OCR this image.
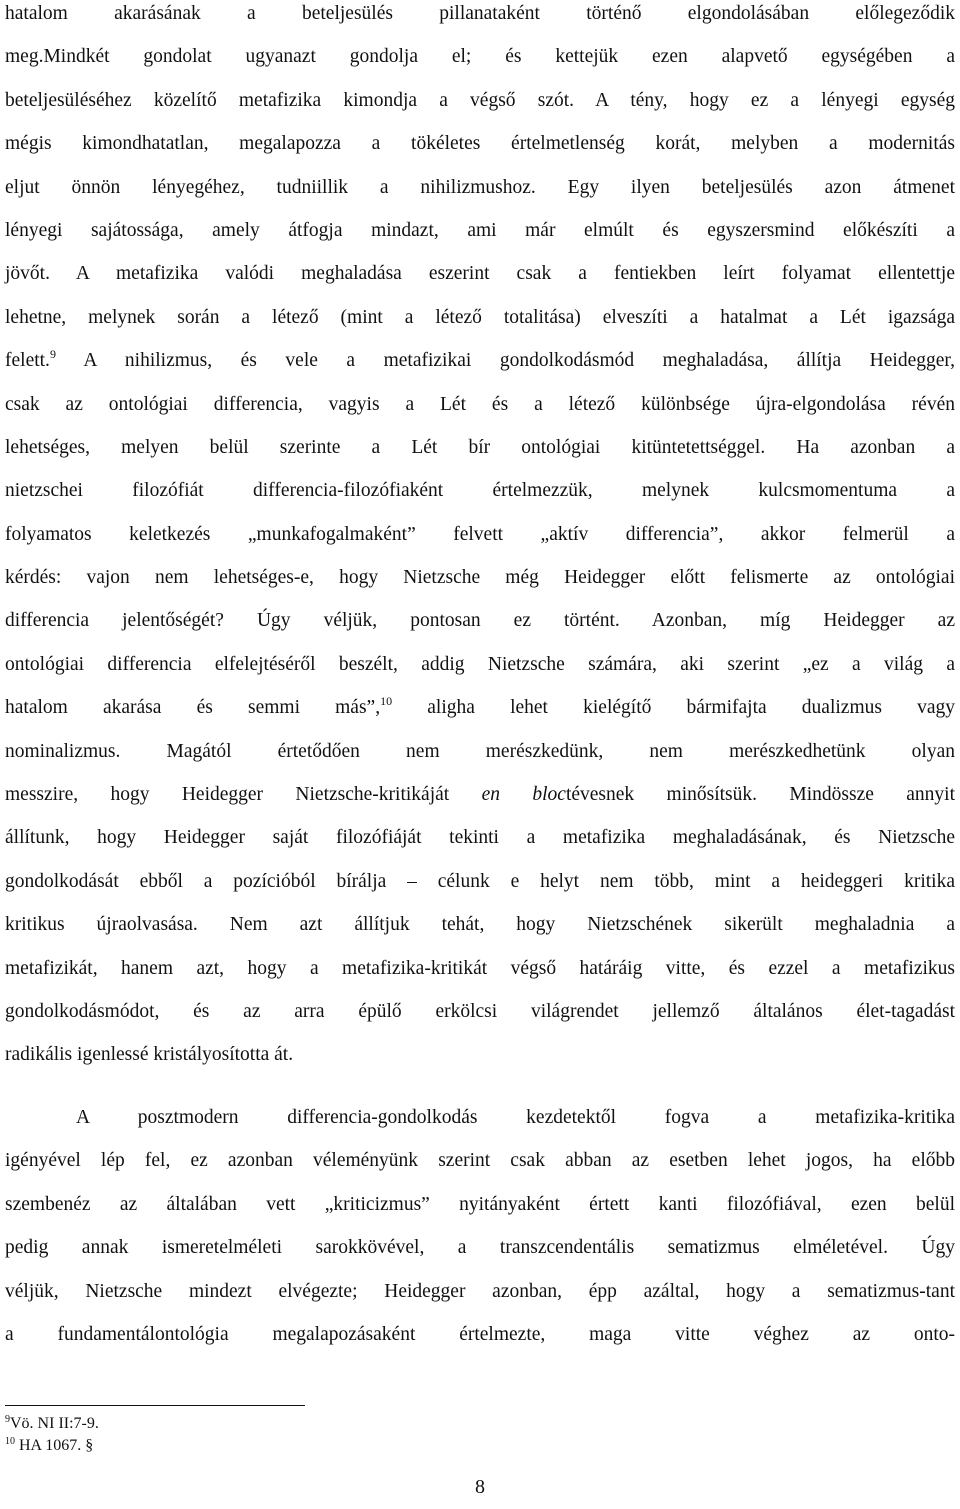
hatalom akarásának a beteljesülés pillanataként történő elgondolásában előlegeződik
meg.Mindkét gondolat ugyanazt gondolja el; és kettejük ezen alapvető egységében a
beteljesüléséhez közelítő metafizika kimondja a végső szót. A tény, hogy ez a lényegi egység
mégis kimondhatatlan, megalapozza a tökéletes értelmetlenség korát, melyben a modernitás
eljut önnön lényegéhez, tudniillik a nihilizmushoz. Egy ilyen beteljesülés azon átmenet
lényegi sajátossága, amely átfogja mindazt, ami már elmúlt és egyszersmind előkészíti a
jövőt. A metafizika valódi meghaladása eszerint csak a fentiekben leírt folyamat ellentettje
lehetne, melynek során a létező (mint a létező totalitása) elveszíti a hatalmat a Lét igazsága
felett.$^9$ A nihilizmus, és vele a metafizikai gondolkodásmód meghaladása, állítja Heidegger,
csak az ontológiai differencia, vagyis a Lét és a létező különbsége újra-elgondolása révén
lehetséges, melyen belül szerinte a Lét bír ontológiai kitüntetettséggel. Ha azonban a
nietzschei filozófiát differencia-filozófiaként értelmezzük, melynek kulcsmomentuma a
folyamatos keletkezés „munkafogalmaként” felvett „aktív differencia”, akkor felmerül a
kérdés: vajon nem lehetséges-e, hogy Nietzsche még Heidegger előtt felismerte az ontológiai
differencia jelentőségét? Úgy véljük, pontosan ez történt. Azonban, míg Heidegger az
ontológiai differencia elfelejtéséről beszélt, addig Nietzsche számára, aki szerint „ez a világ a
hatalom akarása és semmi más”,$^{10}$ aligha lehet kielégítő bármifajta dualizmus vagy
nominalizmus. Magától értetődően nem merészkedünk, nem merészkedhetünk olyan
messzire, hogy Heidegger Nietzsche-kritikáját en bloctévesnek minősítsük. Mindössze annyit
állítunk, hogy Heidegger saját filozófiáját tekinti a metafizika meghaladásának, és Nietzsche
gondolkodását ebből a pozícióból bírálja – célunk e helyt nem több, mint a heideggeri kritika
kritikus újraolvasása. Nem azt állítjuk tehát, hogy Nietzschének sikerült meghaladnia a
metafizikát, hanem azt, hogy a metafizika-kritikát végső határáig vitte, és ezzel a metafizikus
gondolkodásmódot, és az arra épülő erkölcsi világrendet jellemző általános élet-tagadást
radikális igenlessé kristályosította át.
A posztmodern differencia-gondolkodás kezdetektől fogva a metafizika-kritika
igényével lép fel, ez azonban véleményünk szerint csak abban az esetben lehet jogos, ha előbb
szembenéz az általában vett „kriticizmus” nyitányaként értett kanti filozófiával, ezen belül
pedig annak ismeretelméleti sarokkövével, a transzcendentális sematizmus elméletével. Úgy
véljük, Nietzsche mindezt elvégezte; Heidegger azonban, épp azáltal, hogy a sematizmus-tant
a fundamentálontológia megalapozásaként értelmezte, maga vitte véghez az onto-
$^9$Vö. NI II:7-9.
$^{10}$ HA 1067. §
8
